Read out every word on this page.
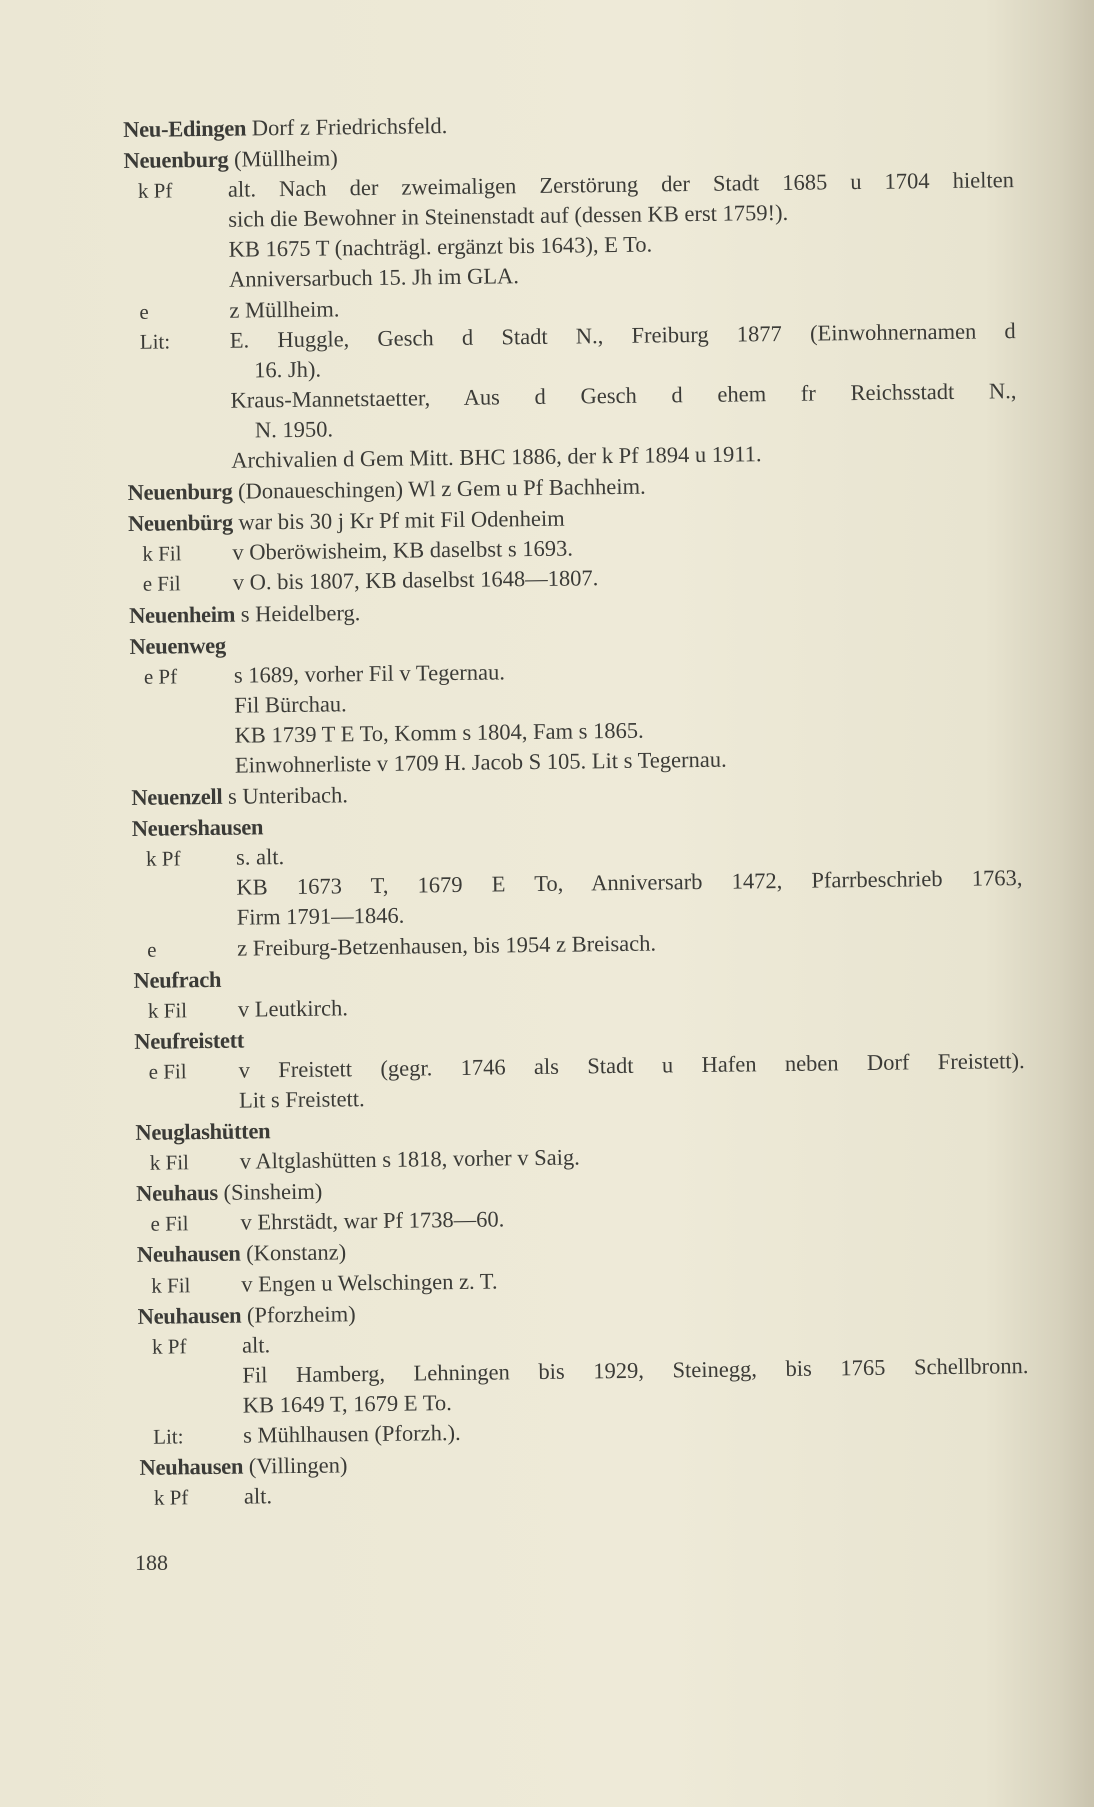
Neu-Edingen Dorf z Friedrichsfeld.
Neuenburg (Müllheim)
k Pf alt. Nach der zweimaligen Zerstörung der Stadt 1685 u 1704 hielten
sich die Bewohner in Steinenstadt auf (dessen KB erst 1759!).
KB 1675 T (nachträgl. ergänzt bis 1643), E To.
Anniversarbuch 15. Jh im GLA.
e	z Müllheim.
Lit:	E. Huggle, Gesch d Stadt N., Freiburg 1877 (Einwohnernamen d
16. Jh).
Kraus-Mannetstaetter, Aus d Gesch d ehem fr Reichsstadt N.,
N. 1950.
Archivalien d Gem Mitt. BHC 1886, der k Pf 1894 u 1911.
Neuenburg (Donaueschingen) Wl z Gem u Pf Bachheim.
Neuenbürg war bis 30 j Kr Pf mit Fil Odenheim
k Fil v Oberöwisheim, KB daselbst s 1693.
e Fil v O. bis 1807, KB daselbst 1648—1807.
Neuenheim s Heidelberg.
Neuenweg
e Pf	s 1689, vorher Fil v Tegernau.
Fil Bürchau.
KB 1739 T E To, Komm s 1804, Fam s 1865.
Einwohnerliste v 1709 H. Jacob S 105. Lit s Tegernau.
Neuenzell s Unteribach.
Neuershausen
k Pf s. alt.
KB 1673 T, 1679 E To, Anniversarb 1472, Pfarrbeschrieb 1763,
Firm 1791—1846.
e	z Freiburg-Betzenhausen, bis 1954 z Breisach.
Neufrach
k Fil v Leutkirch.
Neufreistett
e Fil v Freistett (gegr. 1746 als Stadt u Hafen neben Dorf Freistett).
Lit s Freistett.
Neuglashütten
k Fil v Altglashütten s 1818, vorher v Saig.
Neuhaus (Sinsheim)
e Fil v Ehrstädt, war Pf 1738—60.
Neuhausen (Konstanz)
k Fil v Engen u Welschingen z. T.
Neuhausen (Pforzheim)
k Pf alt.
Fil Hamberg, Lehningen bis 1929, Steinegg, bis 1765 Schellbronn.
KB 1649 T, 1679 E To.
Lit:	s Mühlhausen (Pforzh.).
Neuhausen (Villingen)
k Pf alt.
188
